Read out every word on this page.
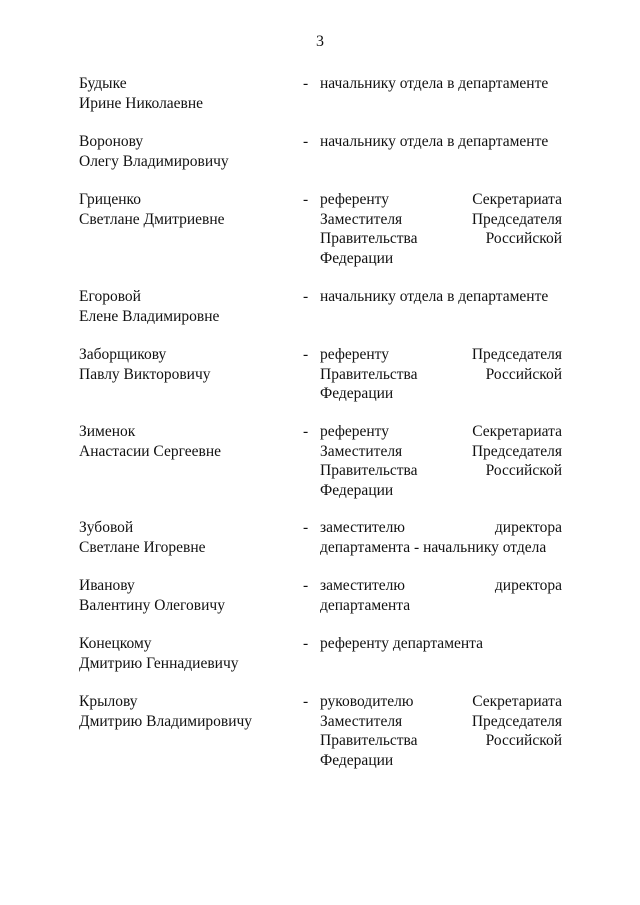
3
Будыке
Ирине Николаевне
- начальнику отдела в департаменте
Воронову
Олегу Владимировичу
- начальнику отдела в департаменте
Гриценко
Светлане Дмитриевне
- референту Секретариата Заместителя Председателя Правительства Российской Федерации
Егоровой
Елене Владимировне
- начальнику отдела в департаменте
Заборщикову
Павлу Викторовичу
- референту Председателя Правительства Российской Федерации
Зименок
Анастасии Сергеевне
- референту Секретариата Заместителя Председателя Правительства Российской Федерации
Зубовой
Светлане Игоревне
- заместителю директора департамента - начальнику отдела
Иванову
Валентину Олеговичу
- заместителю директора департамента
Конецкому
Дмитрию Геннадиевичу
- референту департамента
Крылову
Дмитрию Владимировичу
- руководителю Секретариата Заместителя Председателя Правительства Российской Федерации
